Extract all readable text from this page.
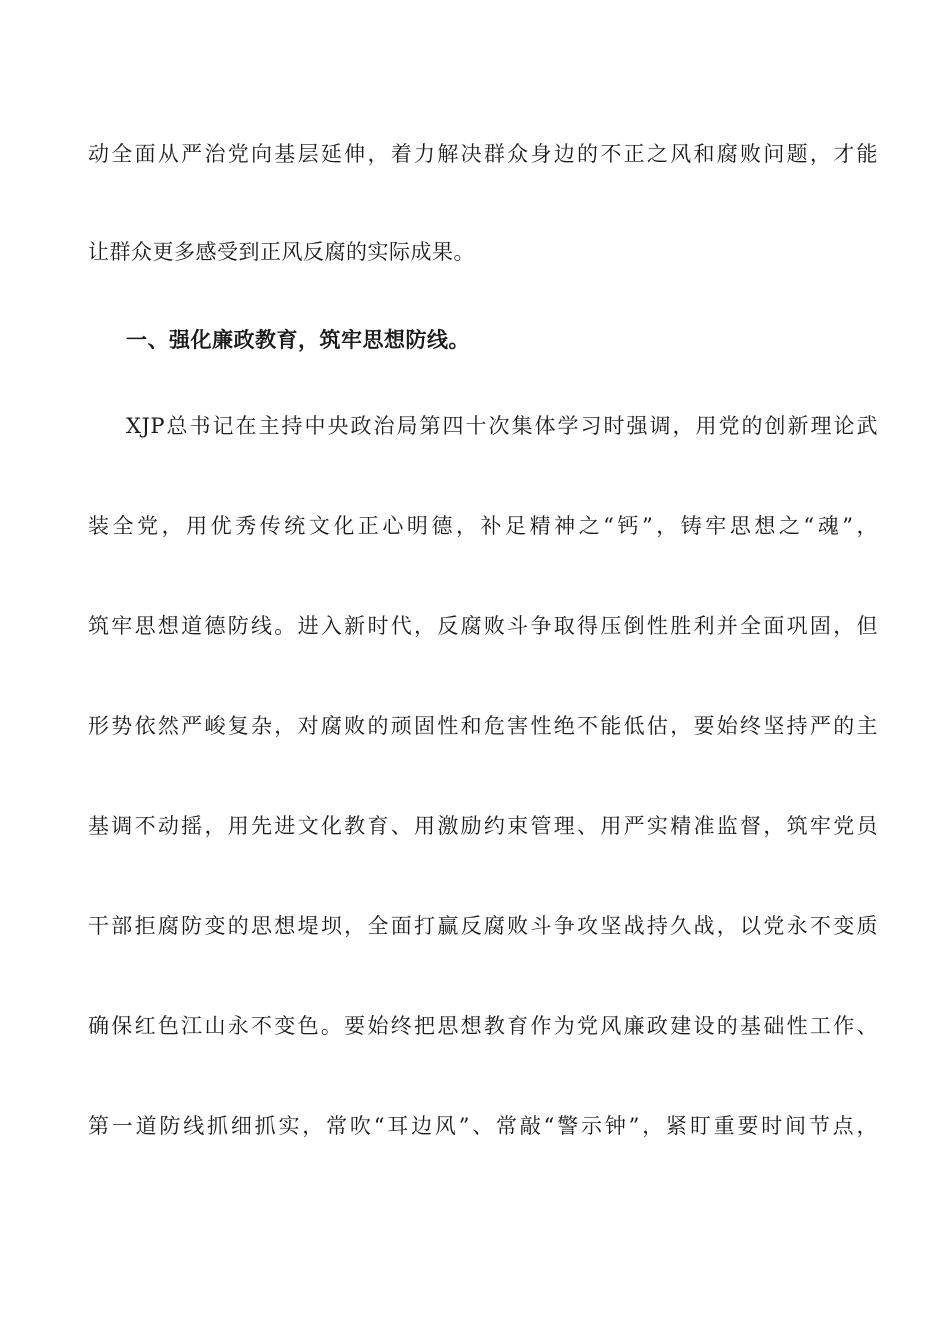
动全面从严治党向基层延伸，着力解决群众身边的不正之风和腐败问题，才能
让群众更多感受到正风反腐的实际成果。
一、强化廉政教育，筑牢思想防线。
XJP总书记在主持中央政治局第四十次集体学习时强调，用党的创新理论武
装全党，用优秀传统文化正心明德，补足精神之“钙”，铸牢思想之“魂”，
筑牢思想道德防线。进入新时代，反腐败斗争取得压倒性胜利并全面巩固，但
形势依然严峻复杂，对腐败的顽固性和危害性绝不能低估，要始终坚持严的主
基调不动摇，用先进文化教育、用激励约束管理、用严实精准监督，筑牢党员
干部拒腐防变的思想堤坝，全面打赢反腐败斗争攻坚战持久战，以党永不变质
确保红色江山永不变色。要始终把思想教育作为党风廉政建设的基础性工作、
第一道防线抓细抓实，常吹“耳边风”、常敲“警示钟”，紧盯重要时间节点，
